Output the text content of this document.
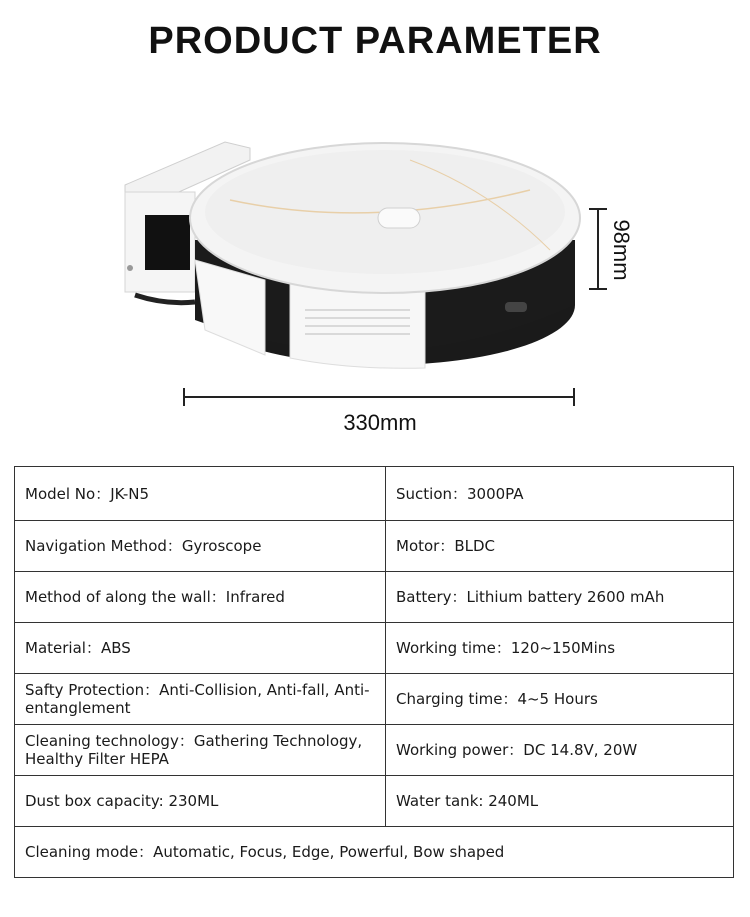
PRODUCT PARAMETER
98mm
330mm
Model No：JK-N5	Suction：3000PA
Navigation Method：Gyroscope	Motor：BLDC
Method of along the wall：Infrared	Battery：Lithium battery 2600 mAh
Material：ABS	Working time：120~150Mins
Safty Protection：Anti-Collision, Anti-fall, Anti-entanglement	Charging time：4~5 Hours
Cleaning technology：Gathering Technology, Healthy Filter HEPA	Working power：DC 14.8V, 20W
Dust box capacity: 230ML	Water tank: 240ML
Cleaning mode：Automatic, Focus, Edge, Powerful, Bow shaped	
